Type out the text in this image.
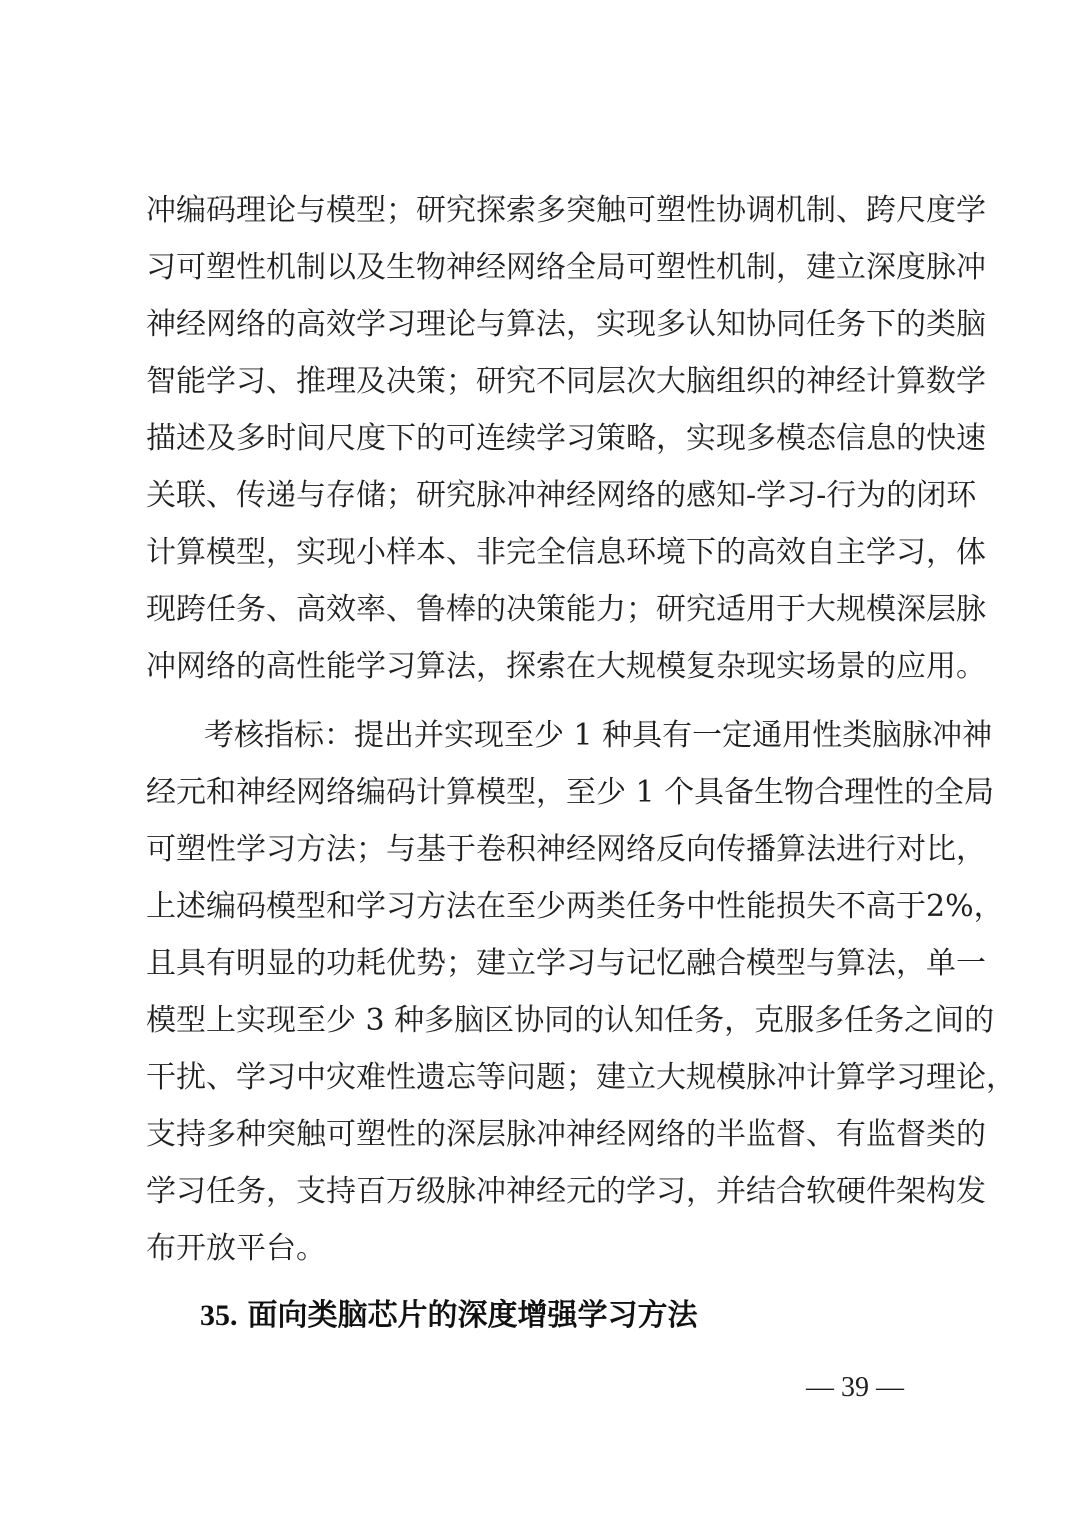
冲编码理论与模型；研究探索多突触可塑性协调机制、跨尺度学
习可塑性机制以及生物神经网络全局可塑性机制，建立深度脉冲
神经网络的高效学习理论与算法，实现多认知协同任务下的类脑
智能学习、推理及决策；研究不同层次大脑组织的神经计算数学
描述及多时间尺度下的可连续学习策略，实现多模态信息的快速
关联、传递与存储；研究脉冲神经网络的感知-学习-行为的闭环
计算模型，实现小样本、非完全信息环境下的高效自主学习，体
现跨任务、高效率、鲁棒的决策能力；研究适用于大规模深层脉
冲网络的高性能学习算法，探索在大规模复杂现实场景的应用。
考核指标：提出并实现至少 1 种具有一定通用性类脑脉冲神
经元和神经网络编码计算模型，至少 1 个具备生物合理性的全局
可塑性学习方法；与基于卷积神经网络反向传播算法进行对比，
上述编码模型和学习方法在至少两类任务中性能损失不高于2%，
且具有明显的功耗优势；建立学习与记忆融合模型与算法，单一
模型上实现至少 3 种多脑区协同的认知任务，克服多任务之间的
干扰、学习中灾难性遗忘等问题；建立大规模脉冲计算学习理论，
支持多种突触可塑性的深层脉冲神经网络的半监督、有监督类的
学习任务，支持百万级脉冲神经元的学习，并结合软硬件架构发
布开放平台。
35. 面向类脑芯片的深度增强学习方法
— 39 —
